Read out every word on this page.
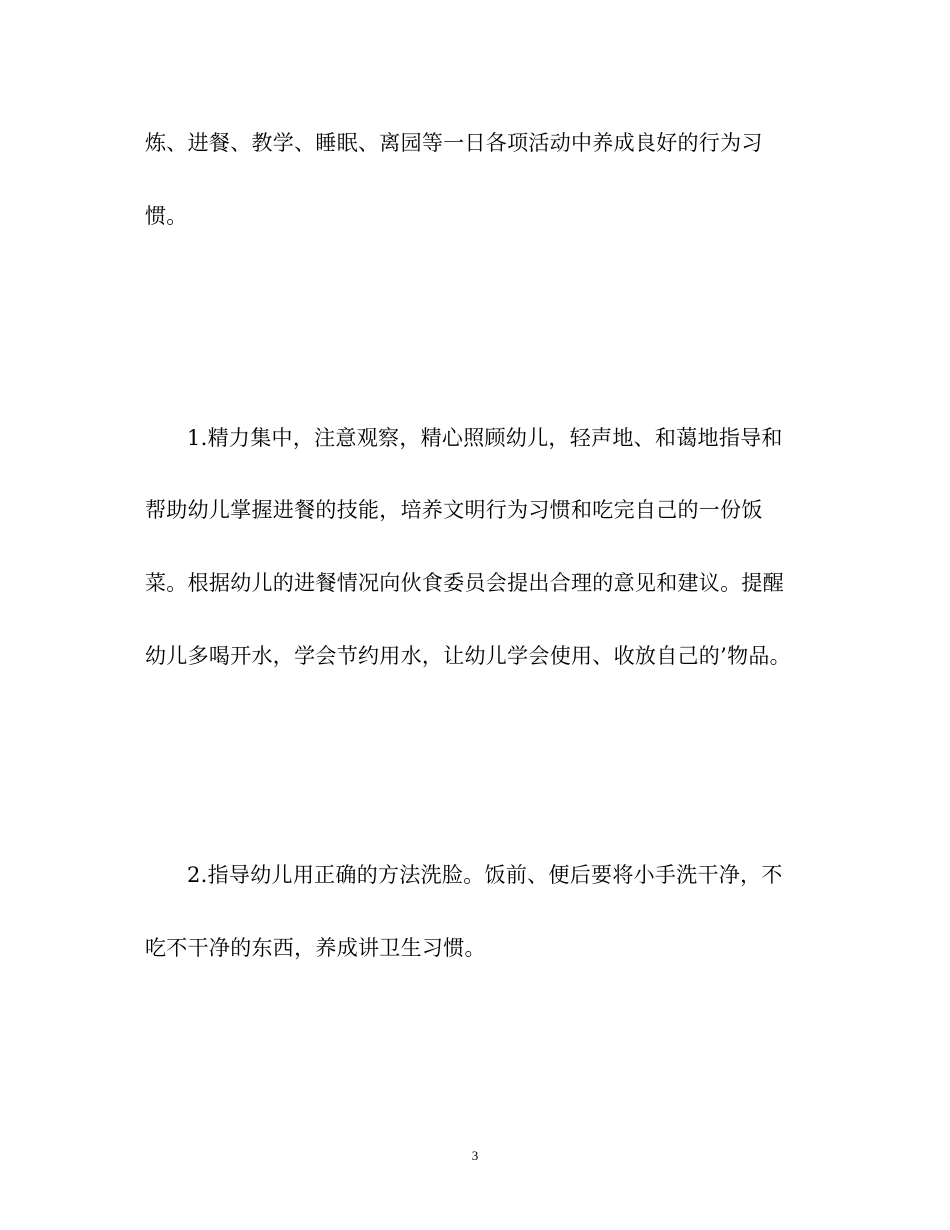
炼、进餐、教学、睡眠、离园等一日各项活动中养成良好的行为习
惯。
1.精力集中，注意观察，精心照顾幼儿，轻声地、和蔼地指导和
帮助幼儿掌握进餐的技能，培养文明行为习惯和吃完自己的一份饭
菜。根据幼儿的进餐情况向伙食委员会提出合理的意见和建议。提醒
幼儿多喝开水，学会节约用水，让幼儿学会使用、收放自己的’物品。
2.指导幼儿用正确的方法洗脸。饭前、便后要将小手洗干净，不
吃不干净的东西，养成讲卫生习惯。
3
